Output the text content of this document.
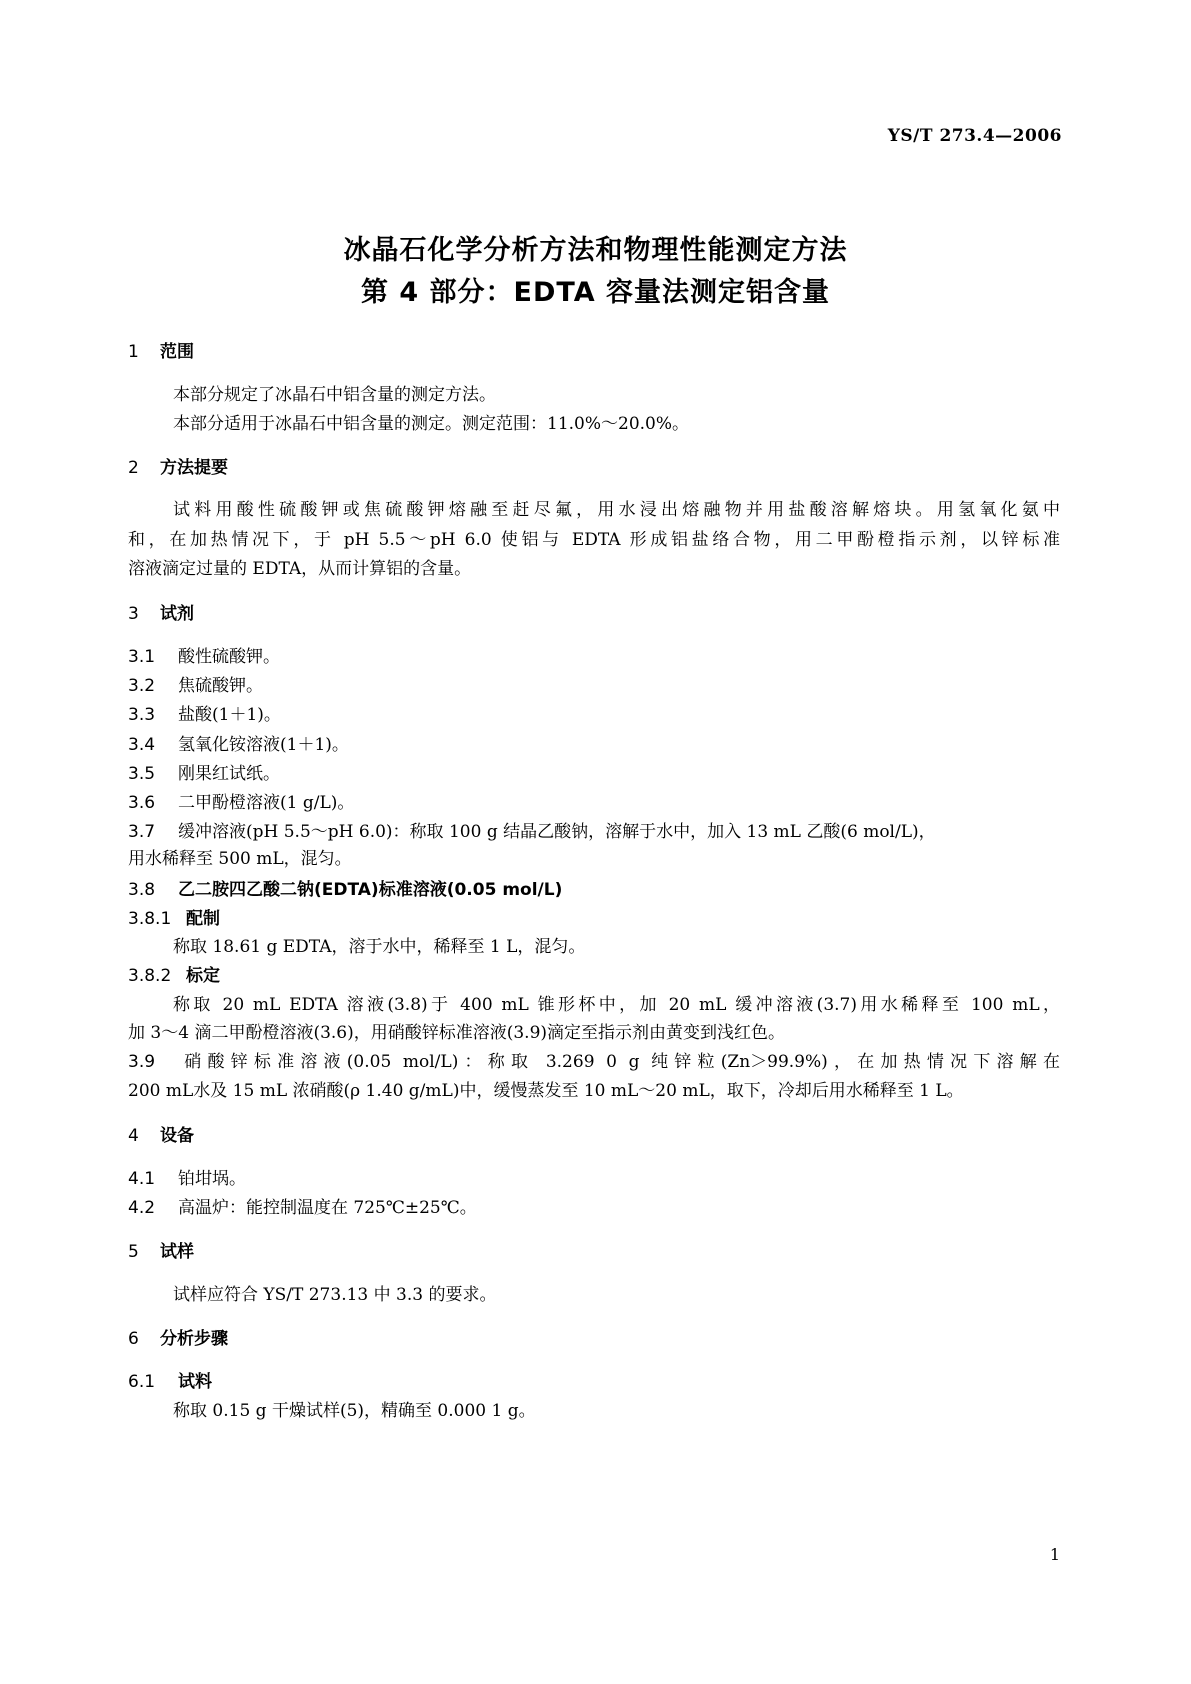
YS/T 273.4—2006
冰晶石化学分析方法和物理性能测定方法
第 4 部分：EDTA 容量法测定铝含量
1 范围
本部分规定了冰晶石中铝含量的测定方法。
本部分适用于冰晶石中铝含量的测定。测定范围：11.0%～20.0%。
2 方法提要
试料用酸性硫酸钾或焦硫酸钾熔融至赶尽氟，用水浸出熔融物并用盐酸溶解熔块。用氢氧化氨中
和，在加热情况下，于 pH 5.5～pH 6.0 使铝与 EDTA 形成铝盐络合物，用二甲酚橙指示剂，以锌标准
溶液滴定过量的 EDTA，从而计算铝的含量。
3 试剂
3.1 酸性硫酸钾。
3.2 焦硫酸钾。
3.3 盐酸(1＋1)。
3.4 氢氧化铵溶液(1＋1)。
3.5 刚果红试纸。
3.6 二甲酚橙溶液(1 g/L)。
3.7 缓冲溶液(pH 5.5～pH 6.0)：称取 100 g 结晶乙酸钠，溶解于水中，加入 13 mL 乙酸(6 mol/L)，
用水稀释至 500 mL，混匀。
3.8 乙二胺四乙酸二钠(EDTA)标准溶液(0.05 mol/L)
3.8.1 配制
称取 18.61 g EDTA，溶于水中，稀释至 1 L，混匀。
3.8.2 标定
称取 20 mL EDTA 溶液(3.8)于 400 mL 锥形杯中，加 20 mL 缓冲溶液(3.7)用水稀释至 100 mL，
加 3～4 滴二甲酚橙溶液(3.6)，用硝酸锌标准溶液(3.9)滴定至指示剂由黄变到浅红色。
3.9 硝酸锌标准溶液(0.05 mol/L)：称取 3.269 0 g 纯锌粒(Zn＞99.9%)，在加热情况下溶解在
200 mL水及 15 mL 浓硝酸(ρ 1.40 g/mL)中，缓慢蒸发至 10 mL～20 mL，取下，冷却后用水稀释至 1 L。
4 设备
4.1 铂坩埚。
4.2 高温炉：能控制温度在 725℃±25℃。
5 试样
试样应符合 YS/T 273.13 中 3.3 的要求。
6 分析步骤
6.1 试料
称取 0.15 g 干燥试样(5)，精确至 0.000 1 g。
1
